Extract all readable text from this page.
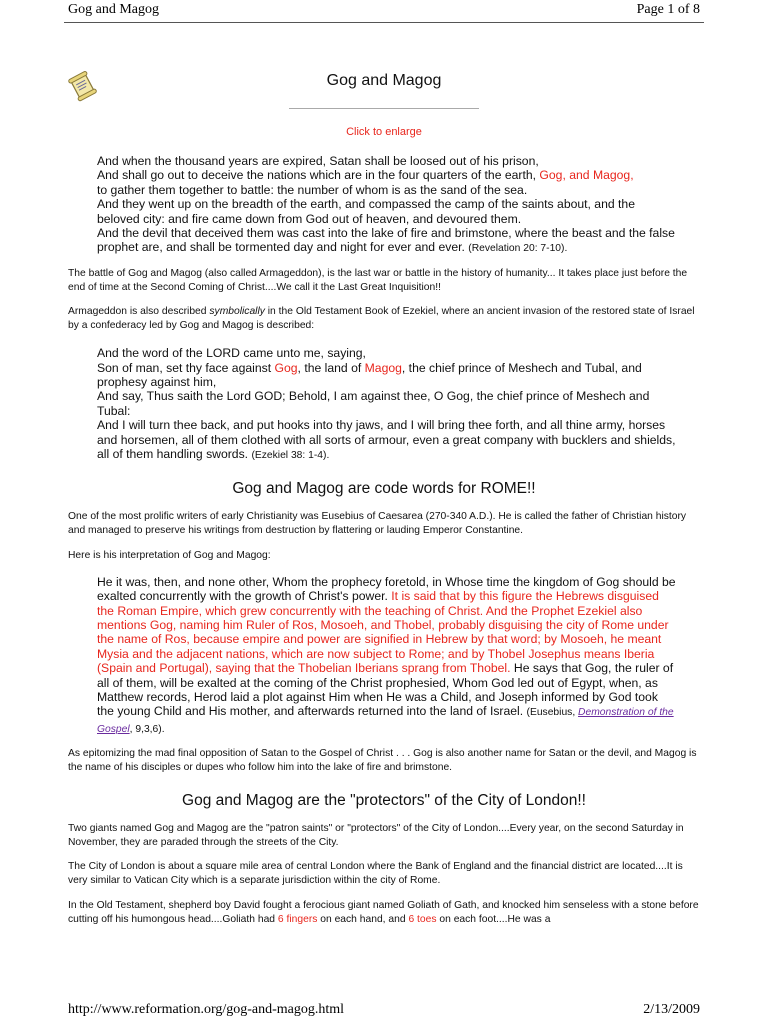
Gog and Magog	Page 1 of 8
Gog and Magog
Click to enlarge
And when the thousand years are expired, Satan shall be loosed out of his prison,
And shall go out to deceive the nations which are in the four quarters of the earth, Gog, and Magog,
to gather them together to battle: the number of whom is as the sand of the sea.
And they went up on the breadth of the earth, and compassed the camp of the saints about, and the beloved city: and fire came down from God out of heaven, and devoured them.
And the devil that deceived them was cast into the lake of fire and brimstone, where the beast and the false prophet are, and shall be tormented day and night for ever and ever. (Revelation 20: 7-10).

The battle of Gog and Magog (also called Armageddon), is the last war or battle in the history of humanity... It takes place just before the end of time at the Second Coming of Christ....We call it the Last Great Inquisition!!

Armageddon is also described symbolically in the Old Testament Book of Ezekiel, where an ancient invasion of the restored state of Israel by a confederacy led by Gog and Magog is described:

And the word of the LORD came unto me, saying,
Son of man, set thy face against Gog, the land of Magog, the chief prince of Meshech and Tubal, and prophesy against him,
And say, Thus saith the Lord GOD; Behold, I am against thee, O Gog, the chief prince of Meshech and Tubal:
And I will turn thee back, and put hooks into thy jaws, and I will bring thee forth, and all thine army, horses and horsemen, all of them clothed with all sorts of armour, even a great company with bucklers and shields, all of them handling swords. (Ezekiel 38: 1-4).
Gog and Magog are code words for ROME!!

One of the most prolific writers of early Christianity was Eusebius of Caesarea (270-340 A.D.). He is called the father of Christian history and managed to preserve his writings from destruction by flattering or lauding Emperor Constantine.

Here is his interpretation of Gog and Magog:

He it was, then, and none other, Whom the prophecy foretold, in Whose time the kingdom of Gog should be exalted concurrently with the growth of Christ's power. It is said that by this figure the Hebrews disguised the Roman Empire, which grew concurrently with the teaching of Christ. And the Prophet Ezekiel also mentions Gog, naming him Ruler of Ros, Mosoeh, and Thobel, probably disguising the city of Rome under the name of Ros, because empire and power are signified in Hebrew by that word; by Mosoeh, he meant Mysia and the adjacent nations, which are now subject to Rome; and by Thobel Josephus means Iberia (Spain and Portugal), saying that the Thobelian Iberians sprang from Thobel. He says that Gog, the ruler of all of them, will be exalted at the coming of the Christ prophesied, Whom God led out of Egypt, when, as Matthew records, Herod laid a plot against Him when He was a Child, and Joseph informed by God took the young Child and His mother, and afterwards returned into the land of Israel. (Eusebius, Demonstration of the Gospel, 9,3,6).

As epitomizing the mad final opposition of Satan to the Gospel of Christ . . . Gog is also another name for Satan or the devil, and Magog is the name of his disciples or dupes who follow him into the lake of fire and brimstone.

Gog and Magog are the "protectors" of the City of London!!

Two giants named Gog and Magog are the "patron saints" or "protectors" of the City of London....Every year, on the second Saturday in November, they are paraded through the streets of the City.

The City of London is about a square mile area of central London where the Bank of England and the financial district are located....It is very similar to Vatican City which is a separate jurisdiction within the city of Rome.

In the Old Testament, shepherd boy David fought a ferocious giant named Goliath of Gath, and knocked him senseless with a stone before cutting off his humongous head....Goliath had 6 fingers on each hand, and 6 toes on each foot....He was a

http://www.reformation.org/gog-and-magog.html	2/13/2009
